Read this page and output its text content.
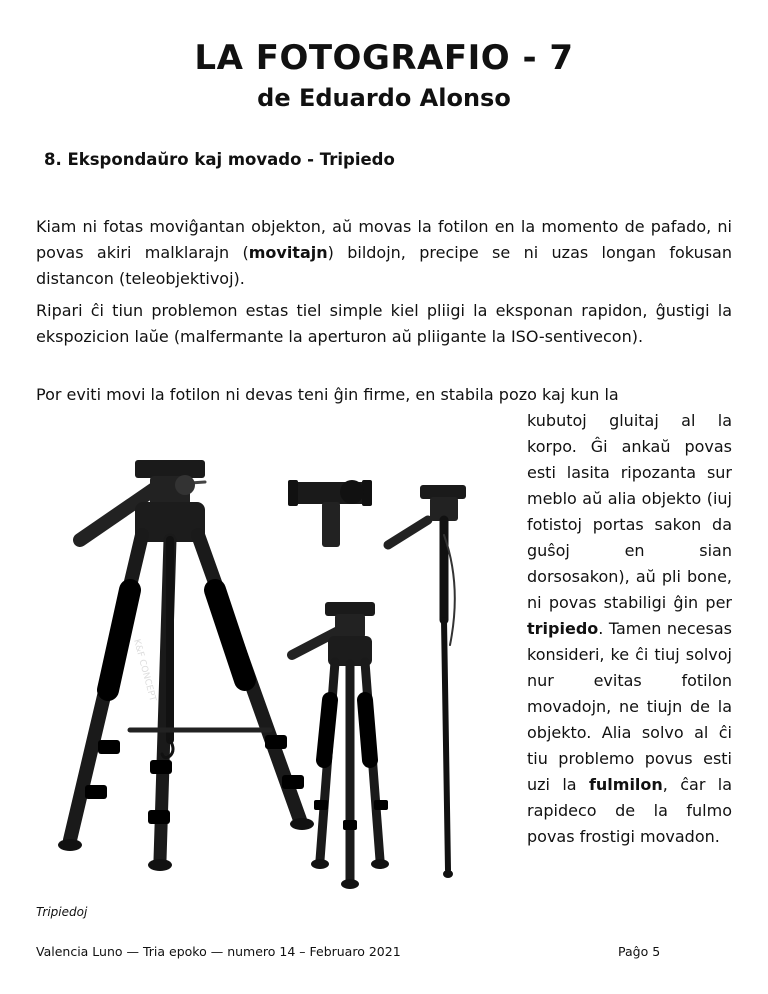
LA FOTOGRAFIO - 7
de Eduardo Alonso
8. Ekspondaŭro kaj movado - Tripiedo

Kiam ni fotas moviĝantan objekton, aŭ movas la fotilon en la momento de pafado, ni povas akiri malklarajn (movitajn) bildojn, precipe se ni uzas longan fokusan distancon (teleobjektivoj).

Ripari ĉi tiun problemon estas tiel simple kiel pliigi la eksponan rapidon, ĝustigi la ekspozicion laŭe (malfermante la aperturon aŭ pliigante la ISO-sentivecon).

Por eviti movi la fotilon ni devas teni ĝin firme, en stabila pozo kaj kun la

kubutoj gluitaj al la korpo. Ĝi ankaŭ povas esti lasita ripozanta sur meblo aŭ alia objekto (iuj fotistoj portas sakon da guŝoj en sian dorsosakon), aŭ pli bone, ni povas stabiligi ĝin per tripiedo. Tamen necesas konsideri, ke ĉi tiuj solvoj nur evitas fotilon movadojn, ne tiujn de la objekto. Alia solvo al ĉi tiu problemo povus esti uzi la fulmilon, ĉar la rapideco de la fulmo povas frostigi movadon.

K&F CONCEPT
Tripiedoj
Valencia Luno — Tria epoko — numero 14 – Februaro 2021	Paĝo 5
